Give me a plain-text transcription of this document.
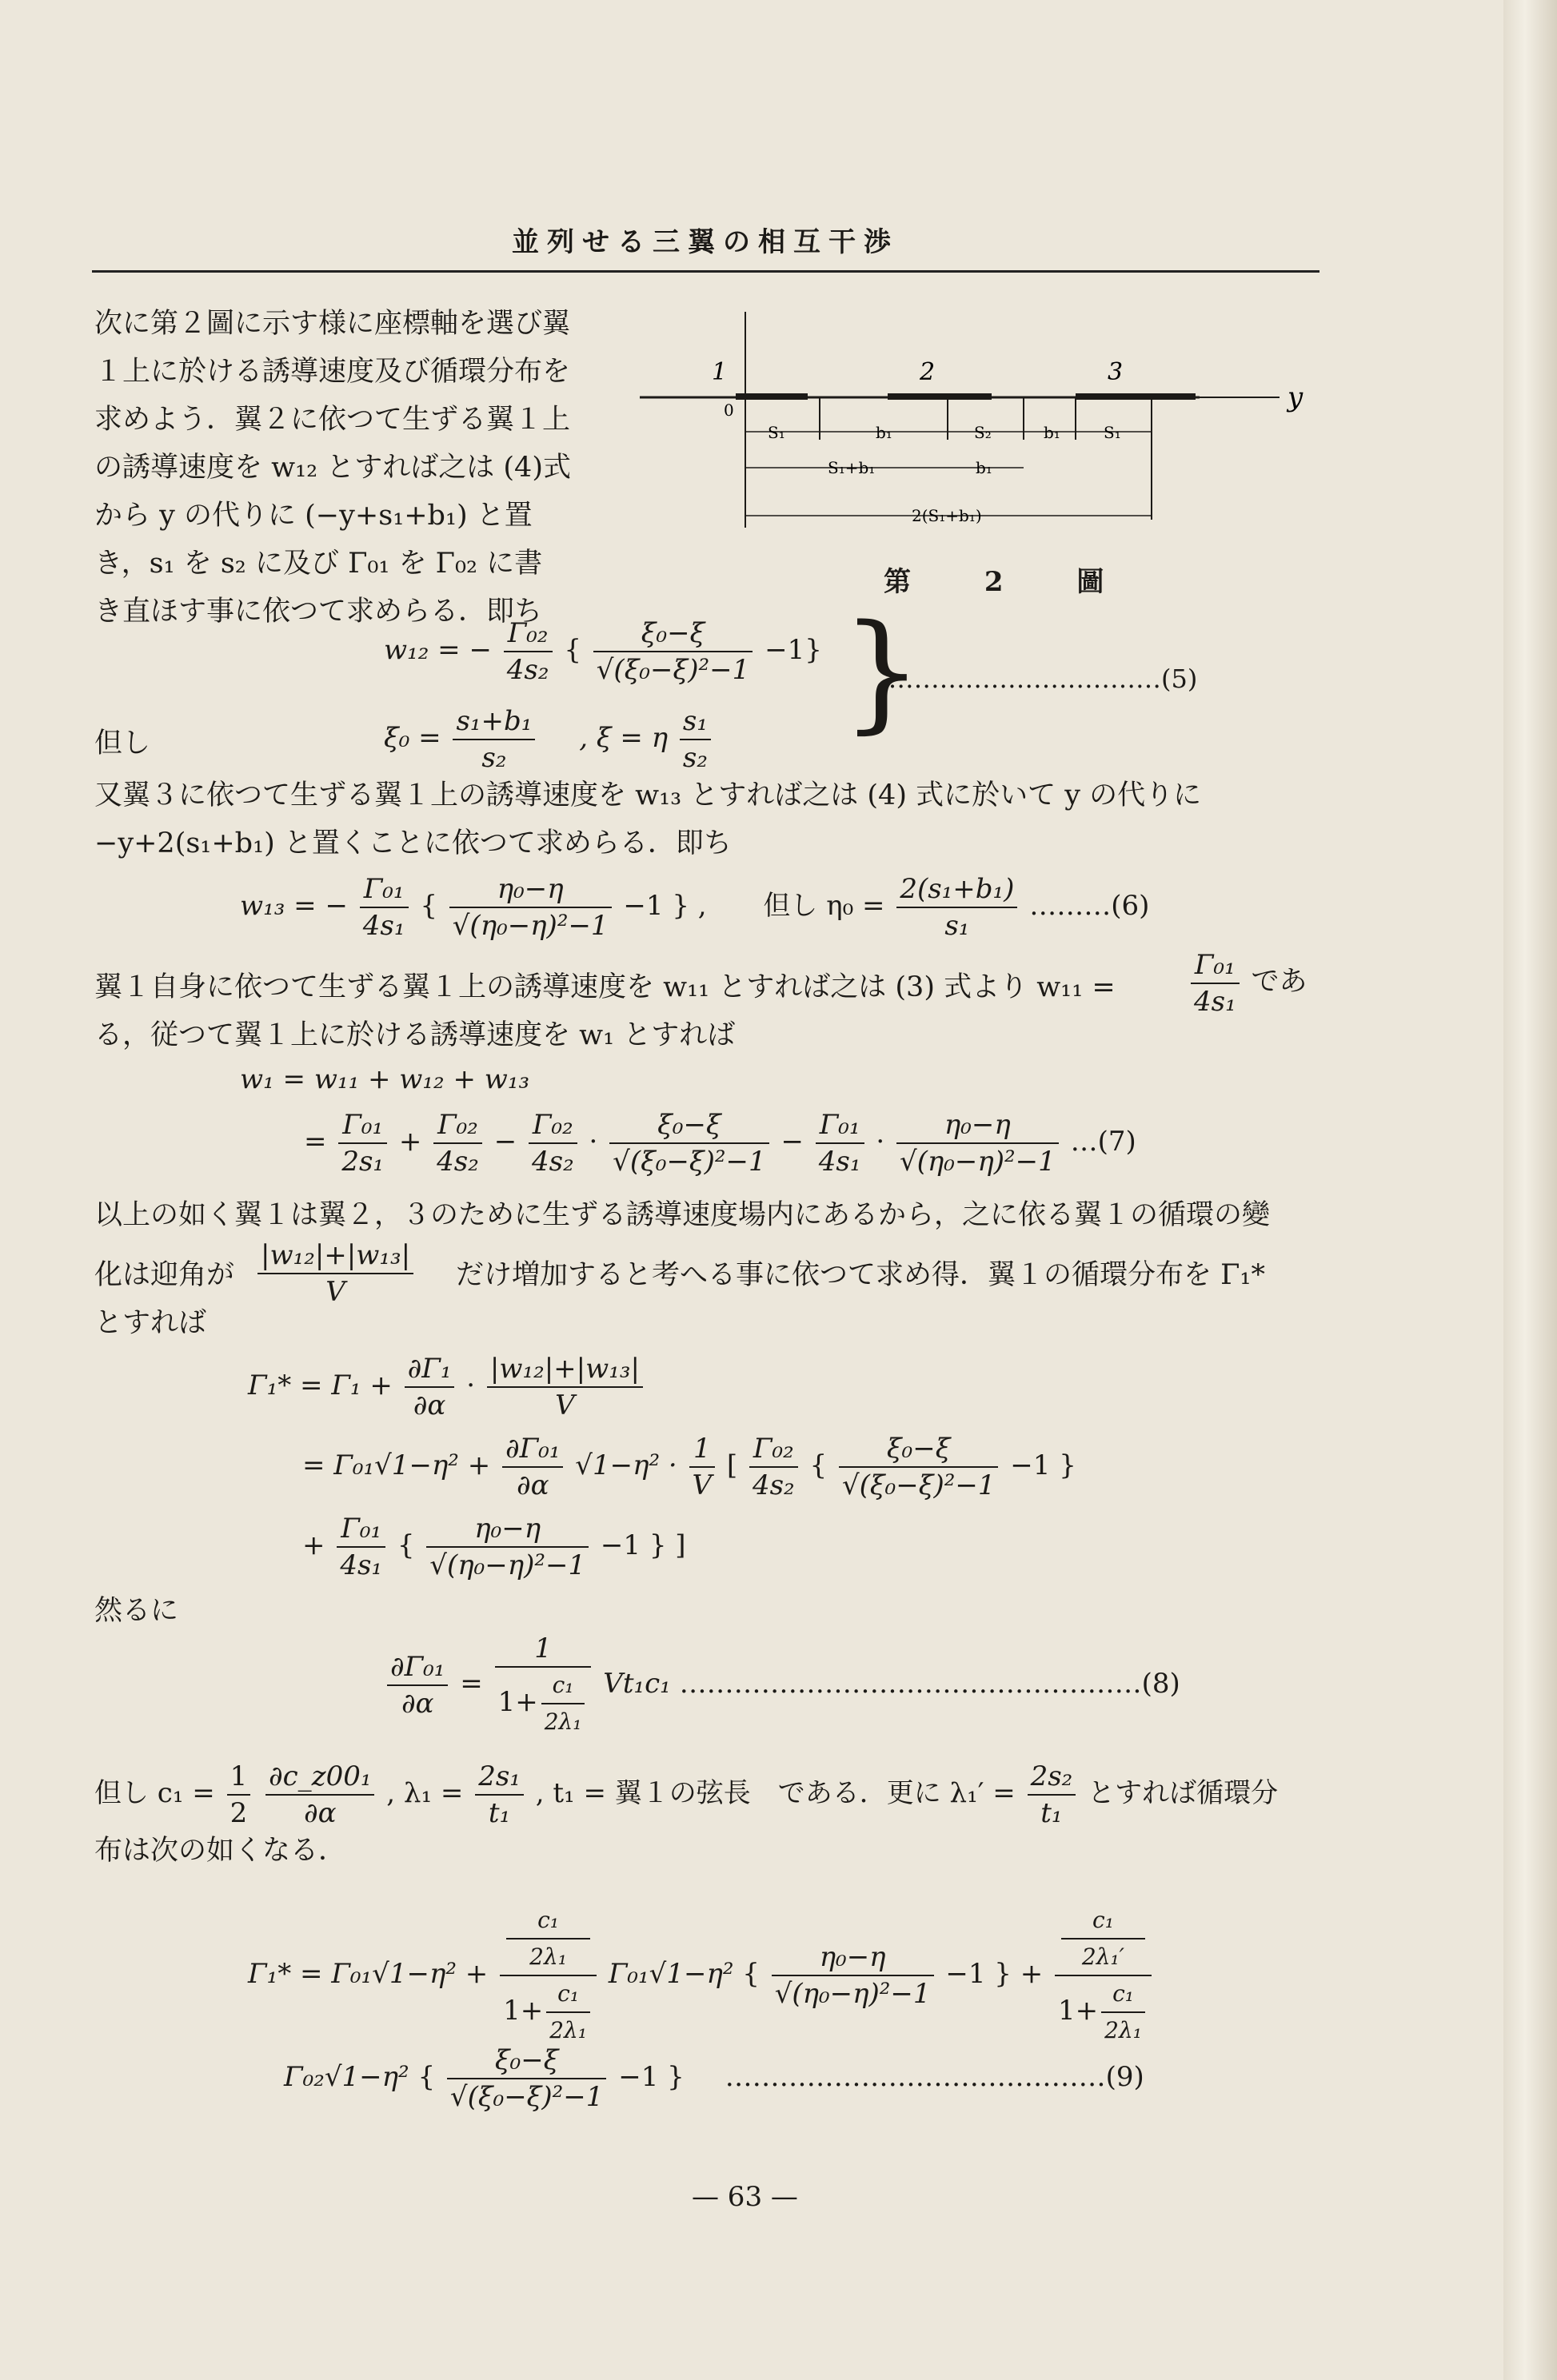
並列せる三翼の相互干渉
1	2	3
0	y
S₁	b₁	S₂	b₁	S₁
S₁+b₁	b₁
2(S₁+b₁)
第 2 圖
次に第２圖に示す様に座標軸を選び翼
１上に於ける誘導速度及び循環分布を
求めよう．翼２に依つて生ずる翼１上
の誘導速度を w₁₂ とすれば之は (4)式
から y の代りに (−y+s₁+b₁) と置
き，s₁ を s₂ に及び Γ₀₁ を Γ₀₂ に書
き直ほす事に依つて求めらる．即ち
w₁₂ = − $\frac{\text{Γ₀₂}}{\text{4s₂}}$ { $\frac{\text{ξ₀−ξ}}{\text{√(ξ₀−ξ)²−1}} -1$}
但し	$\xi_0 = \frac{\text{s₁+b₁}}{\text{s₂}}$ , ξ = η $\frac{\text{s₁}}{\text{s₂}}$ }
……………………………(5)
又翼３に依つて生ずる翼１上の誘導速度を w₁₃ とすれば之は (4) 式に於いて y の代りに
−y+2(s₁+b₁) と置くことに依つて求めらる．即ち
w₁₃ = − $\frac{\text{Γ₀₁}}{\text{4s₁}}$ { $\frac{\text{η₀−η}}{\text{√(η₀−η)²−1}} -1$ } , 但し $\eta_0 = \frac{\text{2(s₁+b₁)}}{\text{s₁}}$ ………(6)
翼１自身に依つて生ずる翼１上の誘導速度を w₁₁ とすれば之は (3) 式より w₁₁ =	$\frac{\text{Γ₀₁}}{\text{4s₁}}$ であ
る，従つて翼１上に於ける誘導速度を w₁ とすれば
w₁ = w₁₁ + w₁₂ + w₁₃
= $\frac{\text{Γ₀₁}}{\text{2s₁}} + \frac{\text{Γ₀₂}}{\text{4s₂}} - \frac{\text{Γ₀₂}}{\text{4s₂}} \cdot \frac{\text{ξ₀−ξ}}{\text{√(ξ₀−ξ)²−1}} - \frac{\text{Γ₀₁}}{\text{4s₁}} \cdot \frac{\text{η₀−η}}{\text{√(η₀−η)²−1}}$ …(7)
以上の如く翼１は翼２，３のために生ずる誘導速度場内にあるから，之に依る翼１の循環の變
化は迎角が $\frac{\text{|w₁₂|+|w₁₃|}}{V}$ だけ増加すると考へる事に依つて求め得．翼１の循環分布を Γ₁*
とすれば
$\Gamma_1* = \Gamma_1 + \frac{\text{∂Γ₁}}{\partial\alpha} \cdot \frac{\text{|w₁₂|+|w₁₃|}}{V}$
= $\Gamma_{01}√1-\eta^2 + \frac{\text{∂Γ₀₁}}{\partial\alpha} √1-\eta^2 \cdot \frac{1}{V}$ [ $\frac{\text{Γ₀₂}}{\text{4s₂}}$ { $\frac{\text{ξ₀−ξ}}{\text{√(ξ₀−ξ)²−1}} -1$ }
+ $\frac{\text{Γ₀₁}}{\text{4s₁}}$ { $\frac{\text{η₀−η}}{\text{√(η₀−η)²−1}} -1$ } ]
然るに
$\frac{\text{∂Γ₀₁}}{\partial\alpha} = \frac{1}{1+ \frac{\text{c₁}}{\text{2λ₁}}} Vt_1c_1$ ……………………………………………(8)
但し $c_1 = \frac{1}{2}$
$\frac{\text{∂c\_z00₁}}{\partial\alpha}$ , $\lambda_1 = \frac{\text{2s₁}}{\text{t₁}}$ , t₁ = 翼１の弦長　である．更に $\lambda_1' = \frac{\text{2s₂}}{\text{t₁}}$ とすれば循環分
布は次の如くなる．
Γ₁* = Γ₀₁√1−η² + c₁
2λ₁
$1+ \frac{\text{c₁}}{\text{2λ₁}} \Gamma_{01}√1-\eta^2$ { $\frac{\text{η₀−η}}{\text{√(η₀−η)²−1}} -1$ } + c₁
2λ₁′
$1+ \frac{\text{c₁}}{\text{2λ₁}}$
Γ₀₂√1−η² { $\frac{\text{ξ₀−ξ}}{\text{√(ξ₀−ξ)²−1}} -1$ } ……………………………………(9)
— 63 —
